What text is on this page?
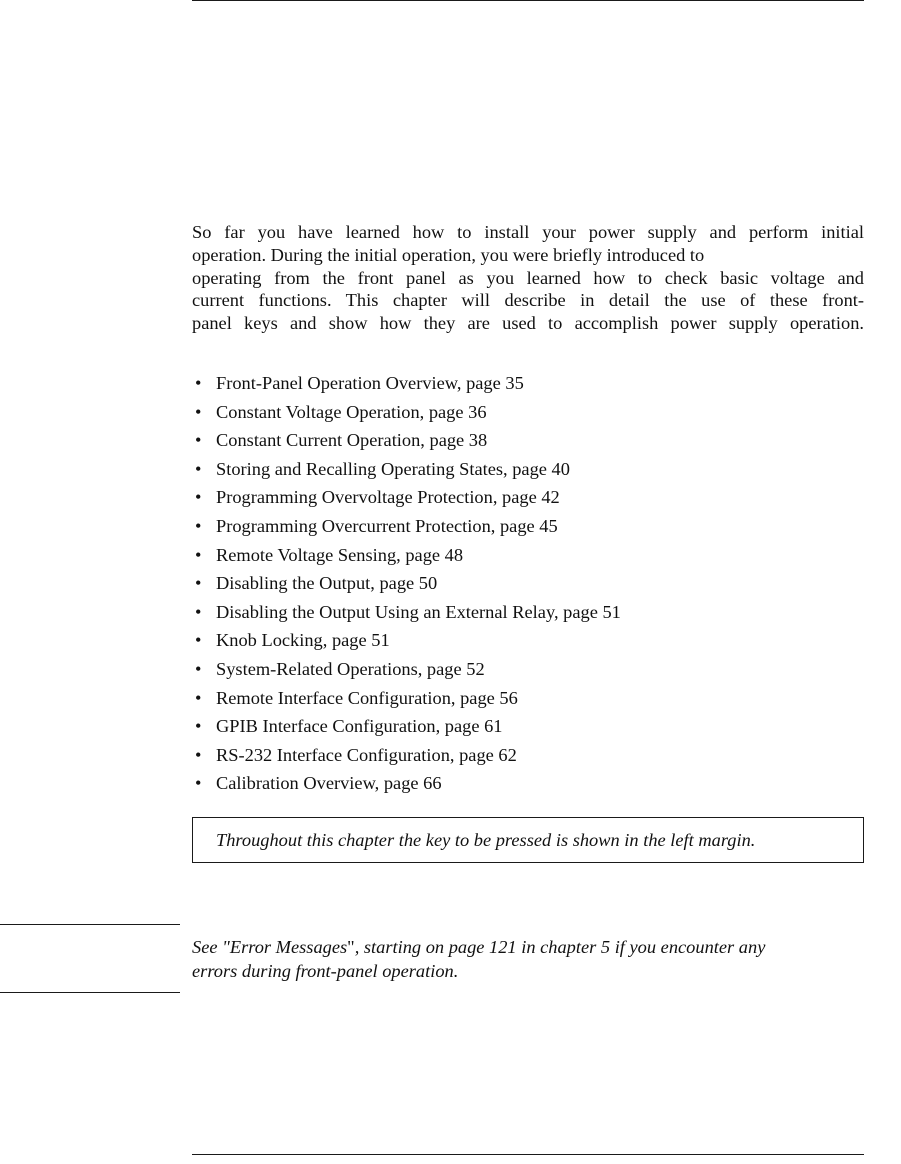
So far you have learned how to install your power supply and perform initial
operation. During the initial operation, you were briefly introduced to
operating from the front panel as you learned how to check basic voltage and
current functions. This chapter will describe in detail the use of these front-
panel keys and show how they are used to accomplish power supply operation.
• Front-Panel Operation Overview, page 35
• Constant Voltage Operation, page 36
• Constant Current Operation, page 38
• Storing and Recalling Operating States, page 40
• Programming Overvoltage Protection, page 42
• Programming Overcurrent Protection, page 45
• Remote Voltage Sensing, page 48
• Disabling the Output, page 50
• Disabling the Output Using an External Relay, page 51
• Knob Locking, page 51
• System-Related Operations, page 52
• Remote Interface Configuration, page 56
• GPIB Interface Configuration, page 61
• RS-232 Interface Configuration, page 62
• Calibration Overview, page 66
Throughout this chapter the key to be pressed is shown in the left margin.
See "Error Messages", starting on page 121 in chapter 5 if you encounter any
errors during front-panel operation.
